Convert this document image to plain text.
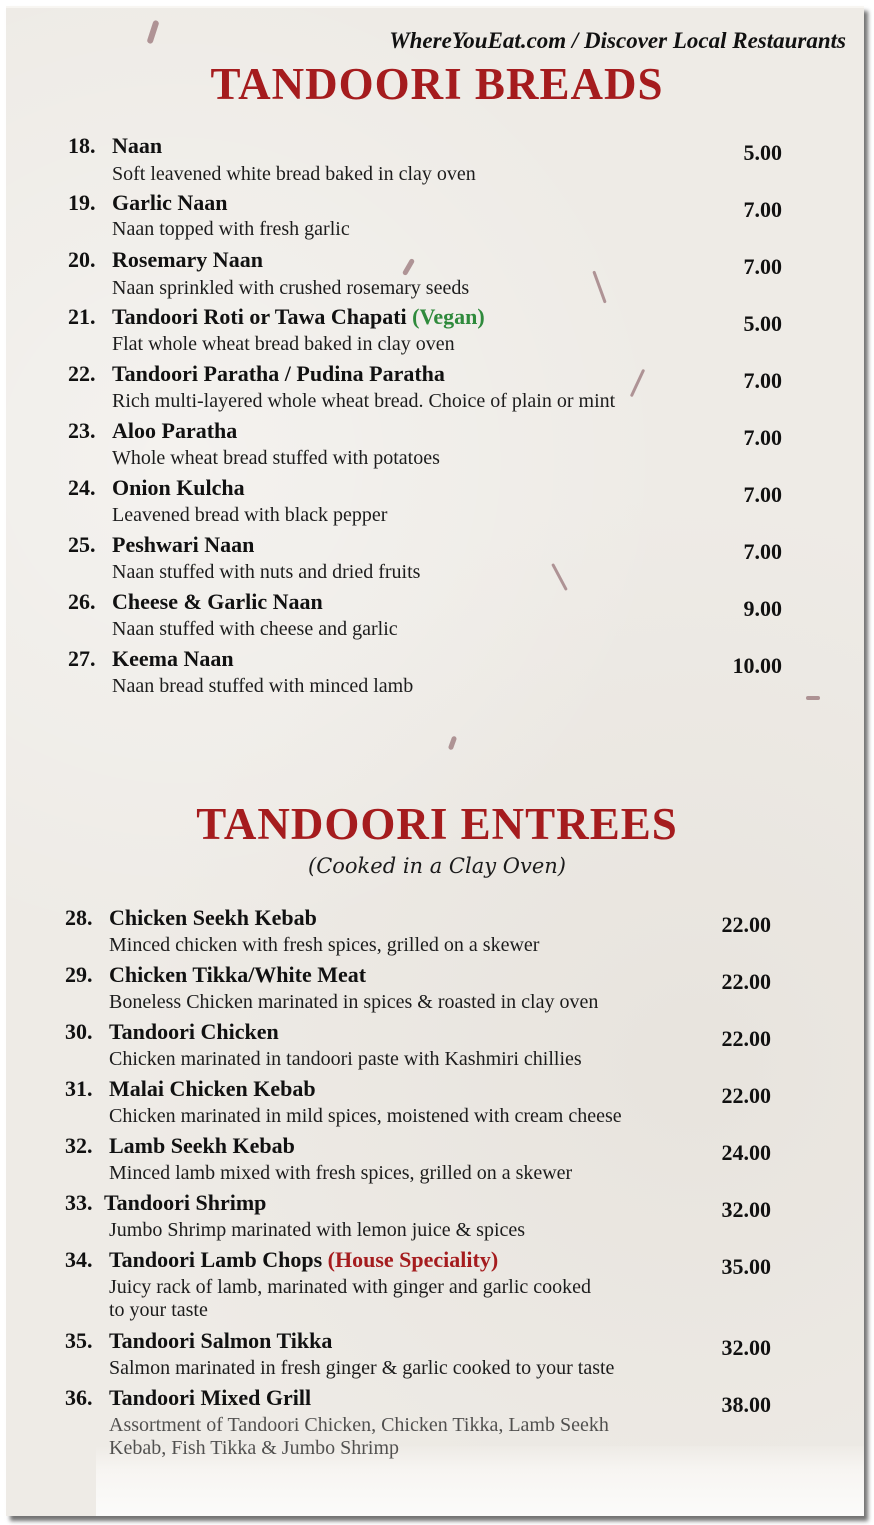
WhereYouEat.com / Discover Local Restaurants
TANDOORI BREADS
18. Naan
Soft leavened white bread baked in clay oven
5.00
19. Garlic Naan
Naan topped with fresh garlic
7.00
20. Rosemary Naan
Naan sprinkled with crushed rosemary seeds
7.00
21. Tandoori Roti or Tawa Chapati (Vegan)
Flat whole wheat bread baked in clay oven
5.00
22. Tandoori Paratha / Pudina Paratha
Rich multi-layered whole wheat bread. Choice of plain or mint
7.00
23. Aloo Paratha
Whole wheat bread stuffed with potatoes
7.00
24. Onion Kulcha
Leavened bread with black pepper
7.00
25. Peshwari Naan
Naan stuffed with nuts and dried fruits
7.00
26. Cheese & Garlic Naan
Naan stuffed with cheese and garlic
9.00
27. Keema Naan
Naan bread stuffed with minced lamb
10.00
TANDOORI ENTREES
(Cooked in a Clay Oven)
28. Chicken Seekh Kebab
Minced chicken with fresh spices, grilled on a skewer
22.00
29. Chicken Tikka/White Meat
Boneless Chicken marinated in spices & roasted in clay oven
22.00
30. Tandoori Chicken
Chicken marinated in tandoori paste with Kashmiri chillies
22.00
31. Malai Chicken Kebab
Chicken marinated in mild spices, moistened with cream cheese
22.00
32. Lamb Seekh Kebab
Minced lamb mixed with fresh spices, grilled on a skewer
24.00
33. Tandoori Shrimp
Jumbo Shrimp marinated with lemon juice & spices
32.00
34. Tandoori Lamb Chops (House Speciality)
Juicy rack of lamb, marinated with ginger and garlic cooked
to your taste
35.00
35. Tandoori Salmon Tikka
Salmon marinated in fresh ginger & garlic cooked to your taste
32.00
36. Tandoori Mixed Grill
Assortment of Tandoori Chicken, Chicken Tikka, Lamb Seekh
Kebab, Fish Tikka & Jumbo Shrimp
38.00
